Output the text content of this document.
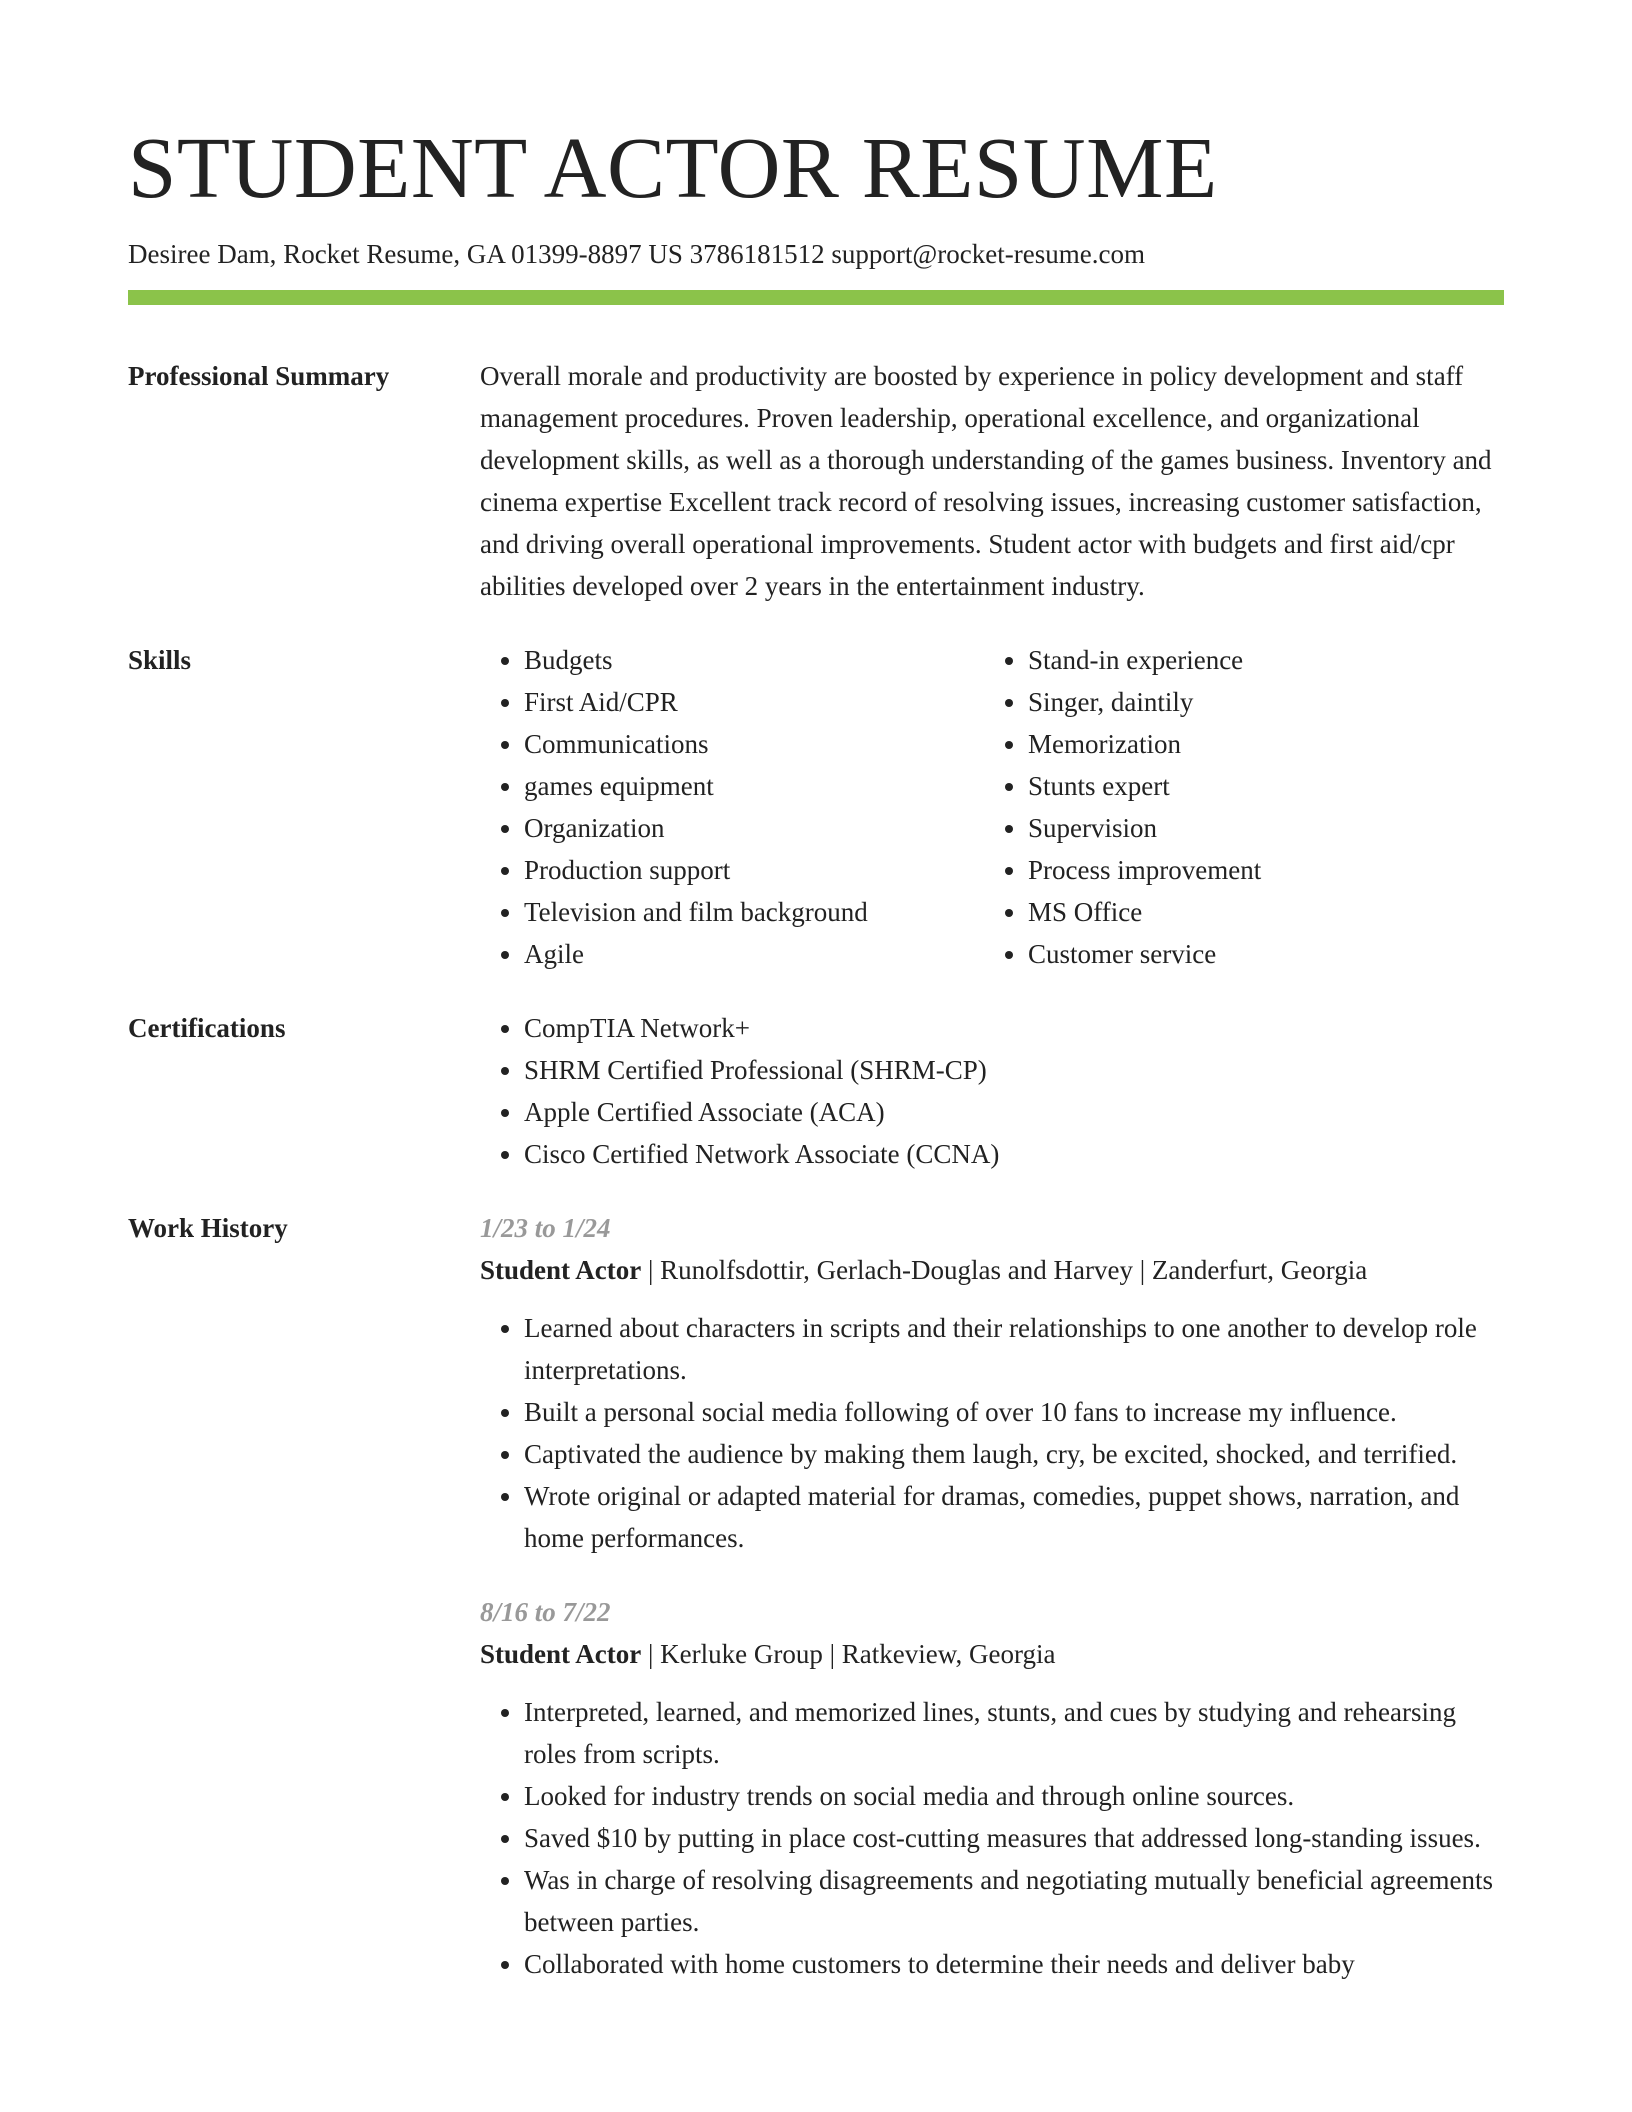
STUDENT ACTOR RESUME
Desiree Dam, Rocket Resume, GA 01399-8897 US 3786181512 support@rocket-resume.com
Professional Summary	Overall morale and productivity are boosted by experience in policy development and staff management procedures. Proven leadership, operational excellence, and organizational development skills, as well as a thorough understanding of the games business. Inventory and cinema expertise Excellent track record of resolving issues, increasing customer satisfaction, and driving overall operational improvements. Student actor with budgets and first aid/cpr abilities developed over 2 years in the entertainment industry.
Skills	• Budgets
• First Aid/CPR
• Communications
• games equipment
• Organization
• Production support
• Television and film background
• Agile
• Stand-in experience
• Singer, daintily
• Memorization
• Stunts expert
• Supervision
• Process improvement
• MS Office
• Customer service
Certifications	• CompTIA Network+
• SHRM Certified Professional (SHRM-CP)
• Apple Certified Associate (ACA)
• Cisco Certified Network Associate (CCNA)
Work History	1/23 to 1/24
Student Actor | Runolfsdottir, Gerlach-Douglas and Harvey | Zanderfurt, Georgia
• Learned about characters in scripts and their relationships to one another to develop role interpretations.
• Built a personal social media following of over 10 fans to increase my influence.
• Captivated the audience by making them laugh, cry, be excited, shocked, and terrified.
• Wrote original or adapted material for dramas, comedies, puppet shows, narration, and home performances.
8/16 to 7/22
Student Actor | Kerluke Group | Ratkeview, Georgia
• Interpreted, learned, and memorized lines, stunts, and cues by studying and rehearsing roles from scripts.
• Looked for industry trends on social media and through online sources.
• Saved $10 by putting in place cost-cutting measures that addressed long-standing issues.
• Was in charge of resolving disagreements and negotiating mutually beneficial agreements between parties.
• Collaborated with home customers to determine their needs and deliver baby
